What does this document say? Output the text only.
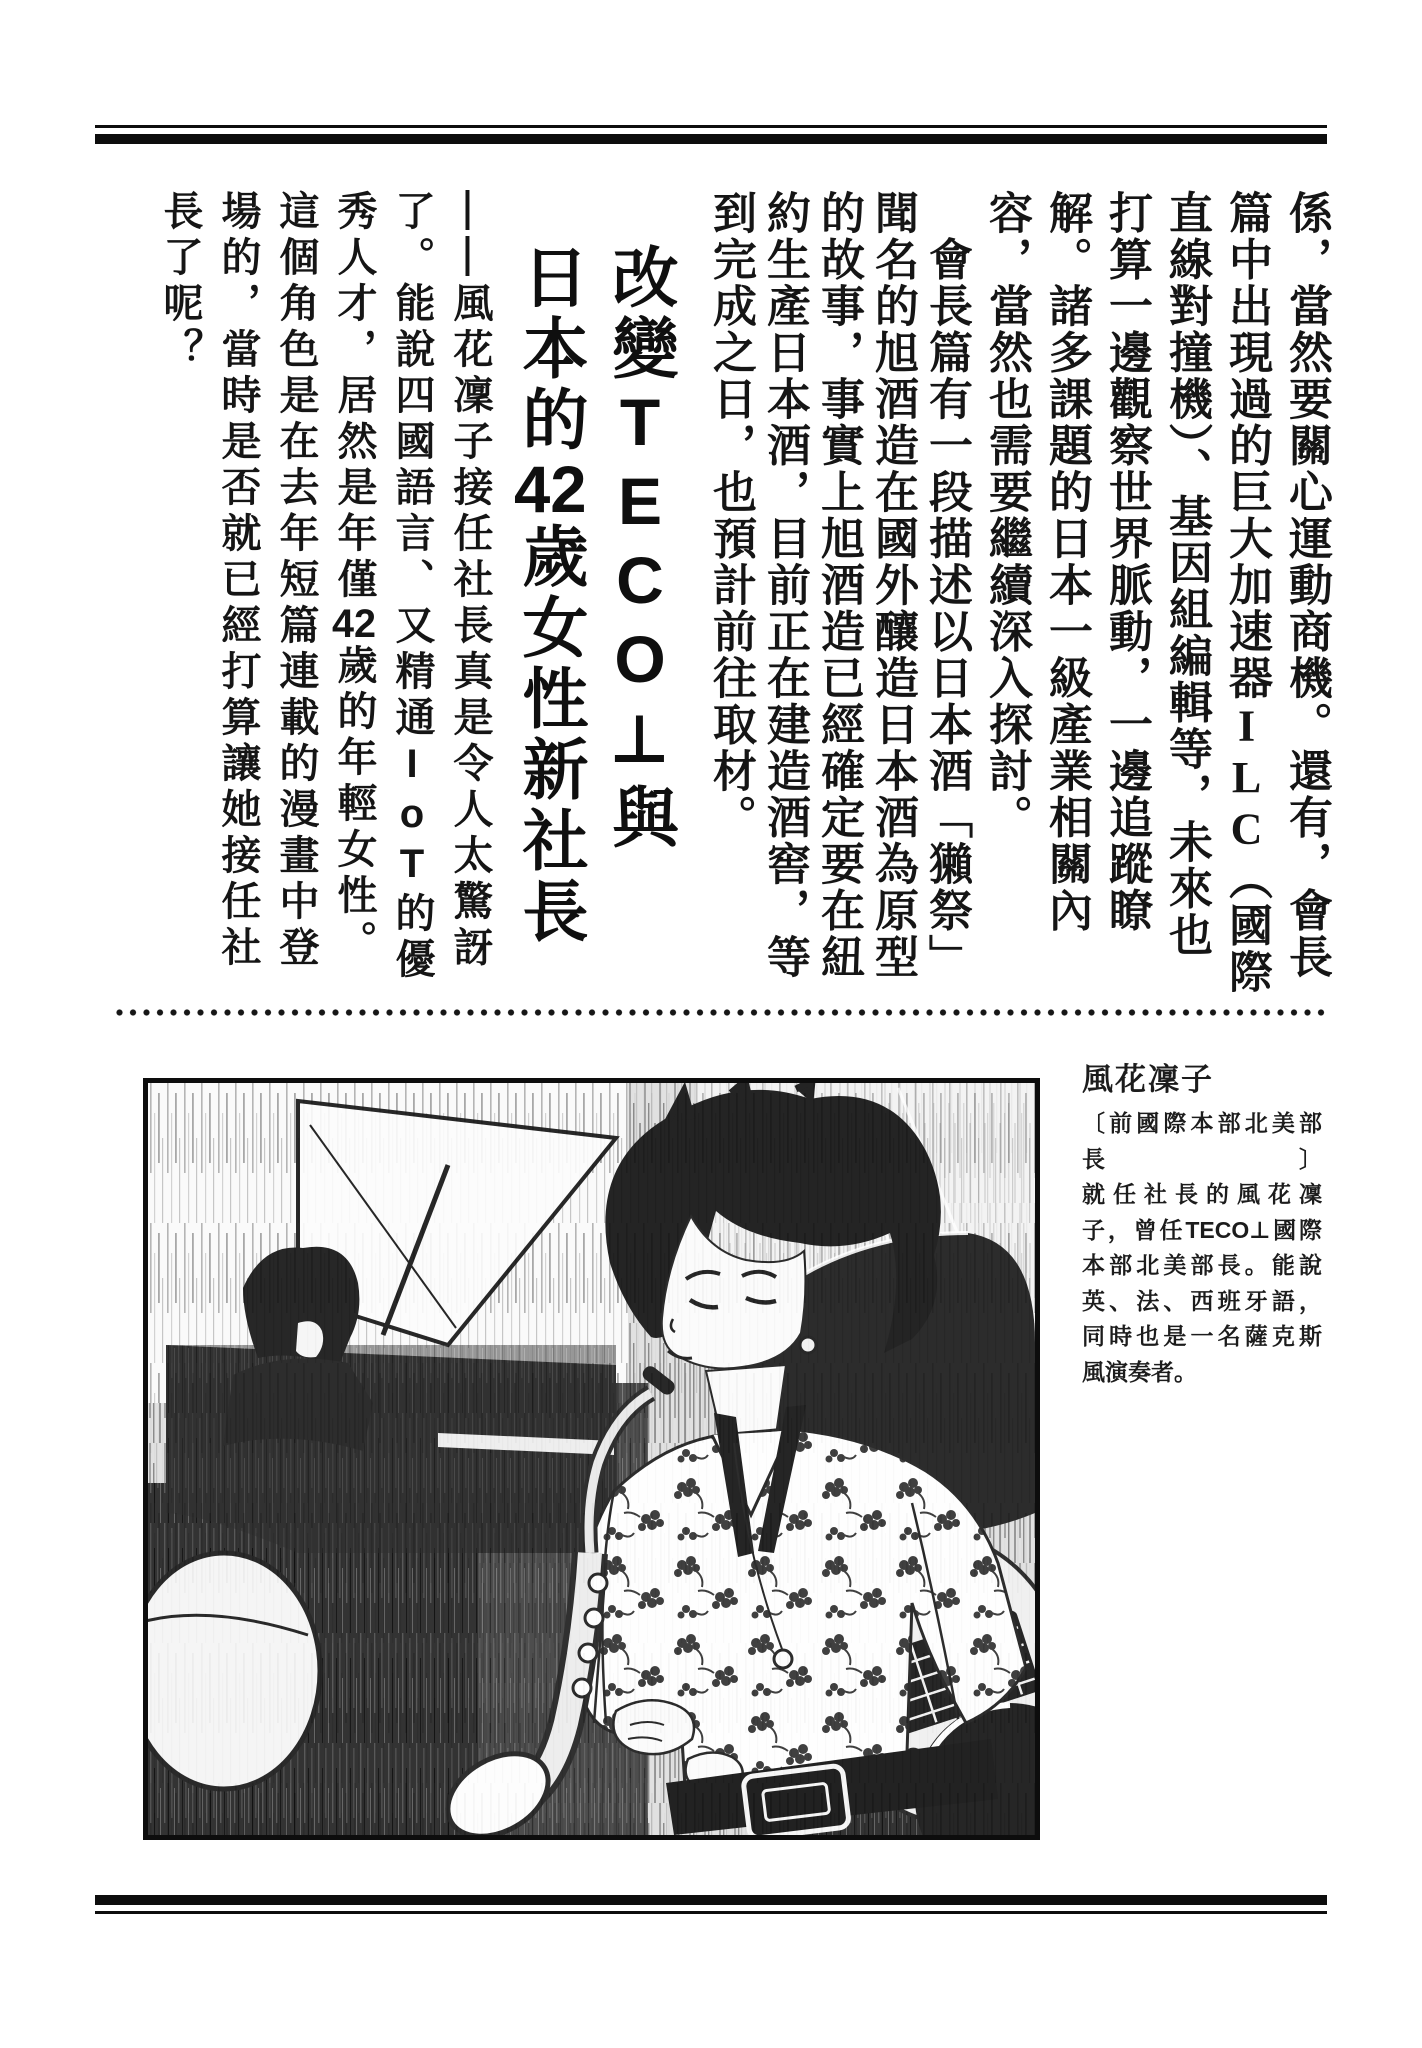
係，當然要關心運動商機。還有，會長
篇中出現過的巨大加速器ILC（國際
直線對撞機）、基因組編輯等，未來也
打算一邊觀察世界脈動，一邊追蹤瞭
解。諸多課題的日本一級產業相關內
容，當然也需要繼續深入探討。
　會長篇有一段描述以日本酒「獺祭」
聞名的旭酒造在國外釀造日本酒為原型
的故事，事實上旭酒造已經確定要在紐
約生產日本酒，目前正在建造酒窖，等
到完成之日，也預計前往取材。
改變TECO⊥與
日本的42歲女性新社長
——風花凜子接任社長真是令人太驚訝
了。能說四國語言、又精通IoT的優
秀人才，居然是年僅42歲的年輕女性。
這個角色是在去年短篇連載的漫畫中登
場的，當時是否就已經打算讓她接任社
長了呢？
風花凜子
〔前國際本部北美部長〕
就任社長的風花凜
子，曾任TECO⊥國際
本部北美部長。能說
英、法、西班牙語，
同時也是一名薩克斯
風演奏者。
